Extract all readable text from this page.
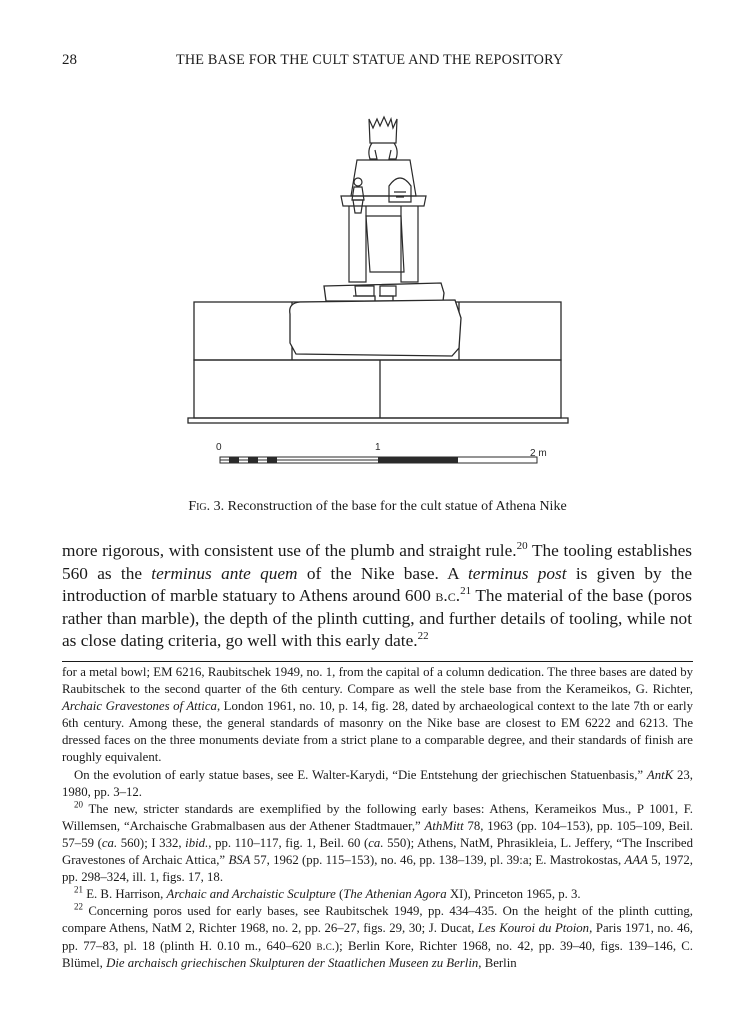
28	THE BASE FOR THE CULT STATUE AND THE REPOSITORY
0	1
2 m
Fig. 3. Reconstruction of the base for the cult statue of Athena Nike
more rigorous, with consistent use of the plumb and straight rule.$^{20}$ The tooling establishes 560 as the terminus ante quem of the Nike base. A terminus post is given by the introduction of marble statuary to Athens around 600 b.c.$^{21}$ The material of the base (poros rather than marble), the depth of the plinth cutting, and further details of tooling, while not as close dating criteria, go well with this early date.$^{22}$

for a metal bowl; EM 6216, Raubitschek 1949, no. 1, from the capital of a column dedication. The three bases are dated by Raubitschek to the second quarter of the 6th century. Compare as well the stele base from the Kerameikos, G. Richter, Archaic Gravestones of Attica, London 1961, no. 10, p. 14, fig. 28, dated by archaeological context to the late 7th or early 6th century. Among these, the general standards of masonry on the Nike base are closest to EM 6222 and 6213. The dressed faces on the three monuments deviate from a strict plane to a comparable degree, and their standards of finish are roughly equivalent.

On the evolution of early statue bases, see E. Walter-Karydi, “Die Entstehung der griechischen Statuenbasis,” AntK 23, 1980, pp. 3–12.

$^{20}$ The new, stricter standards are exemplified by the following early bases: Athens, Kerameikos Mus., P 1001, F. Willemsen, “Archaische Grabmalbasen aus der Athener Stadtmauer,” AthMitt 78, 1963 (pp. 104–153), pp. 105–109, Beil. 57–59 (ca. 560); I 332, ibid., pp. 110–117, fig. 1, Beil. 60 (ca. 550); Athens, NatM, Phrasikleia, L. Jeffery, “The Inscribed Gravestones of Archaic Attica,” BSA 57, 1962 (pp. 115–153), no. 46, pp. 138–139, pl. 39:a; E. Mastrokostas, AAA 5, 1972, pp. 298–324, ill. 1, figs. 17, 18.

$^{21}$ E. B. Harrison, Archaic and Archaistic Sculpture (The Athenian Agora XI), Princeton 1965, p. 3.

$^{22}$ Concerning poros used for early bases, see Raubitschek 1949, pp. 434–435. On the height of the plinth cutting, compare Athens, NatM 2, Richter 1968, no. 2, pp. 26–27, figs. 29, 30; J. Ducat, Les Kouroi du Ptoion, Paris 1971, no. 46, pp. 77–83, pl. 18 (plinth H. 0.10 m., 640–620 b.c.); Berlin Kore, Richter 1968, no. 42, pp. 39–40, figs. 139–146, C. Blümel, Die archaisch griechischen Skulpturen der Staatlichen Museen zu Berlin, Berlin
